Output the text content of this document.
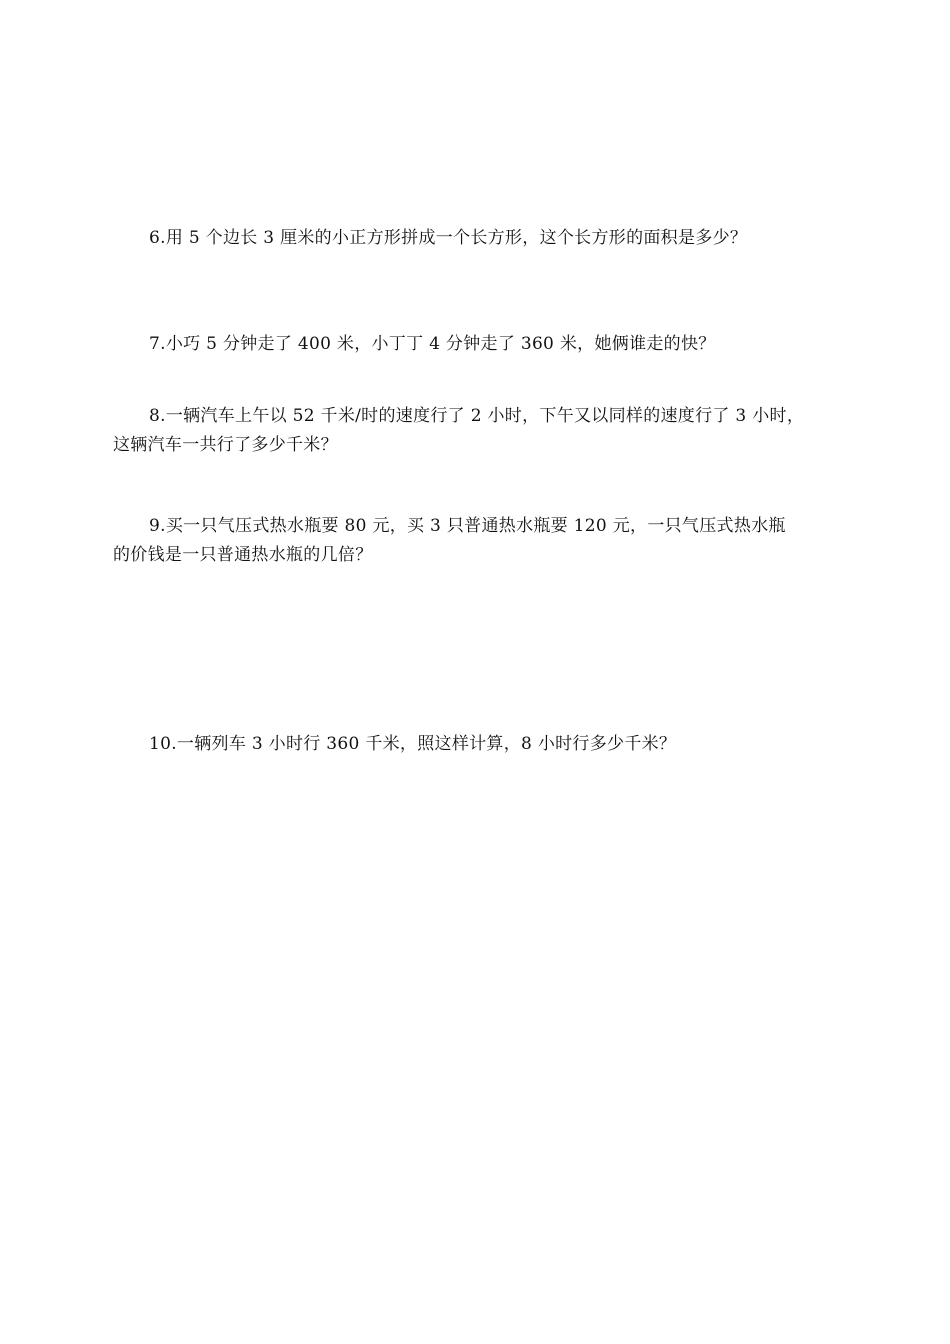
6.用 5 个边长 3 厘米的小正方形拼成一个长方形，这个长方形的面积是多少？
7.小巧 5 分钟走了 400 米，小丁丁 4 分钟走了 360 米，她俩谁走的快？
8.一辆汽车上午以 52 千米/时的速度行了 2 小时，下午又以同样的速度行了 3 小时，
这辆汽车一共行了多少千米？
9.买一只气压式热水瓶要 80 元，买 3 只普通热水瓶要 120 元，一只气压式热水瓶
的价钱是一只普通热水瓶的几倍？
10.一辆列车 3 小时行 360 千米，照这样计算，8 小时行多少千米？
